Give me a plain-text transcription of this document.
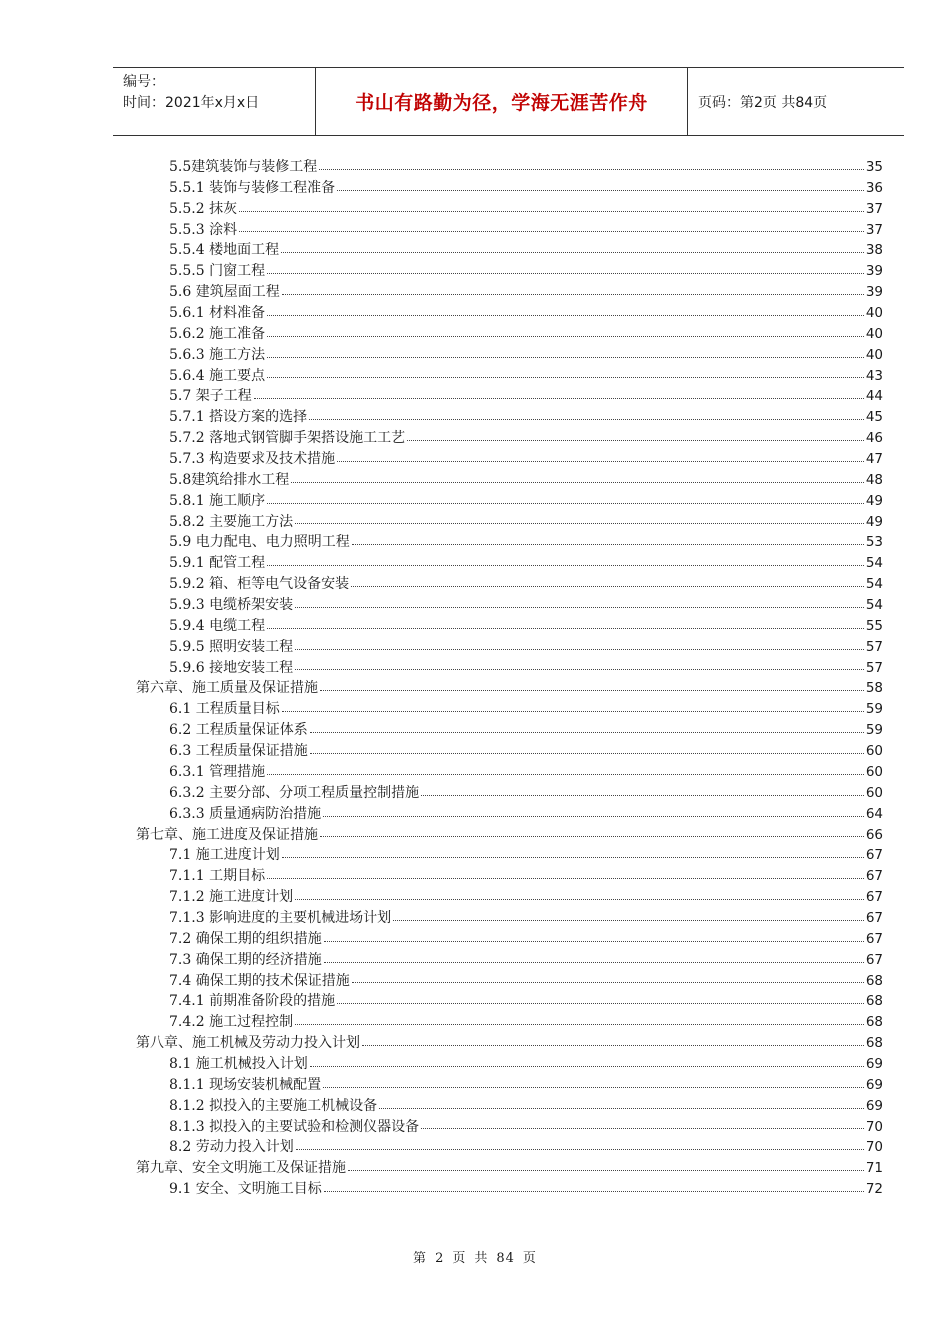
编号：
时间：2021年x月x日	书山有路勤为径，学海无涯苦作舟	页码：第2页 共84页
5.5建筑装饰与装修工程	35
5.5.1 装饰与装修工程准备	36
5.5.2 抹灰	37
5.5.3 涂料	37
5.5.4 楼地面工程	38
5.5.5 门窗工程	39
5.6 建筑屋面工程	39
5.6.1 材料准备	40
5.6.2 施工准备	40
5.6.3 施工方法	40
5.6.4 施工要点	43
5.7 架子工程	44
5.7.1 搭设方案的选择	45
5.7.2 落地式钢管脚手架搭设施工工艺	46
5.7.3 构造要求及技术措施	47
5.8建筑给排水工程	48
5.8.1 施工顺序	49
5.8.2 主要施工方法	49
5.9 电力配电、电力照明工程	53
5.9.1 配管工程	54
5.9.2 箱、柜等电气设备安装	54
5.9.3 电缆桥架安装	54
5.9.4 电缆工程	55
5.9.5 照明安装工程	57
5.9.6 接地安装工程	57
第六章、施工质量及保证措施	58
6.1 工程质量目标	59
6.2 工程质量保证体系	59
6.3 工程质量保证措施	60
6.3.1 管理措施	60
6.3.2 主要分部、分项工程质量控制措施	60
6.3.3 质量通病防治措施	64
第七章、施工进度及保证措施	66
7.1 施工进度计划	67
7.1.1 工期目标	67
7.1.2 施工进度计划	67
7.1.3 影响进度的主要机械进场计划	67
7.2 确保工期的组织措施	67
7.3 确保工期的经济措施	67
7.4 确保工期的技术保证措施	68
7.4.1 前期准备阶段的措施	68
7.4.2 施工过程控制	68
第八章、施工机械及劳动力投入计划	68
8.1 施工机械投入计划	69
8.1.1 现场安装机械配置	69
8.1.2 拟投入的主要施工机械设备	69
8.1.3 拟投入的主要试验和检测仪器设备	70
8.2 劳动力投入计划	70
第九章、安全文明施工及保证措施	71
9.1 安全、文明施工目标	72
第 2 页 共 84 页
